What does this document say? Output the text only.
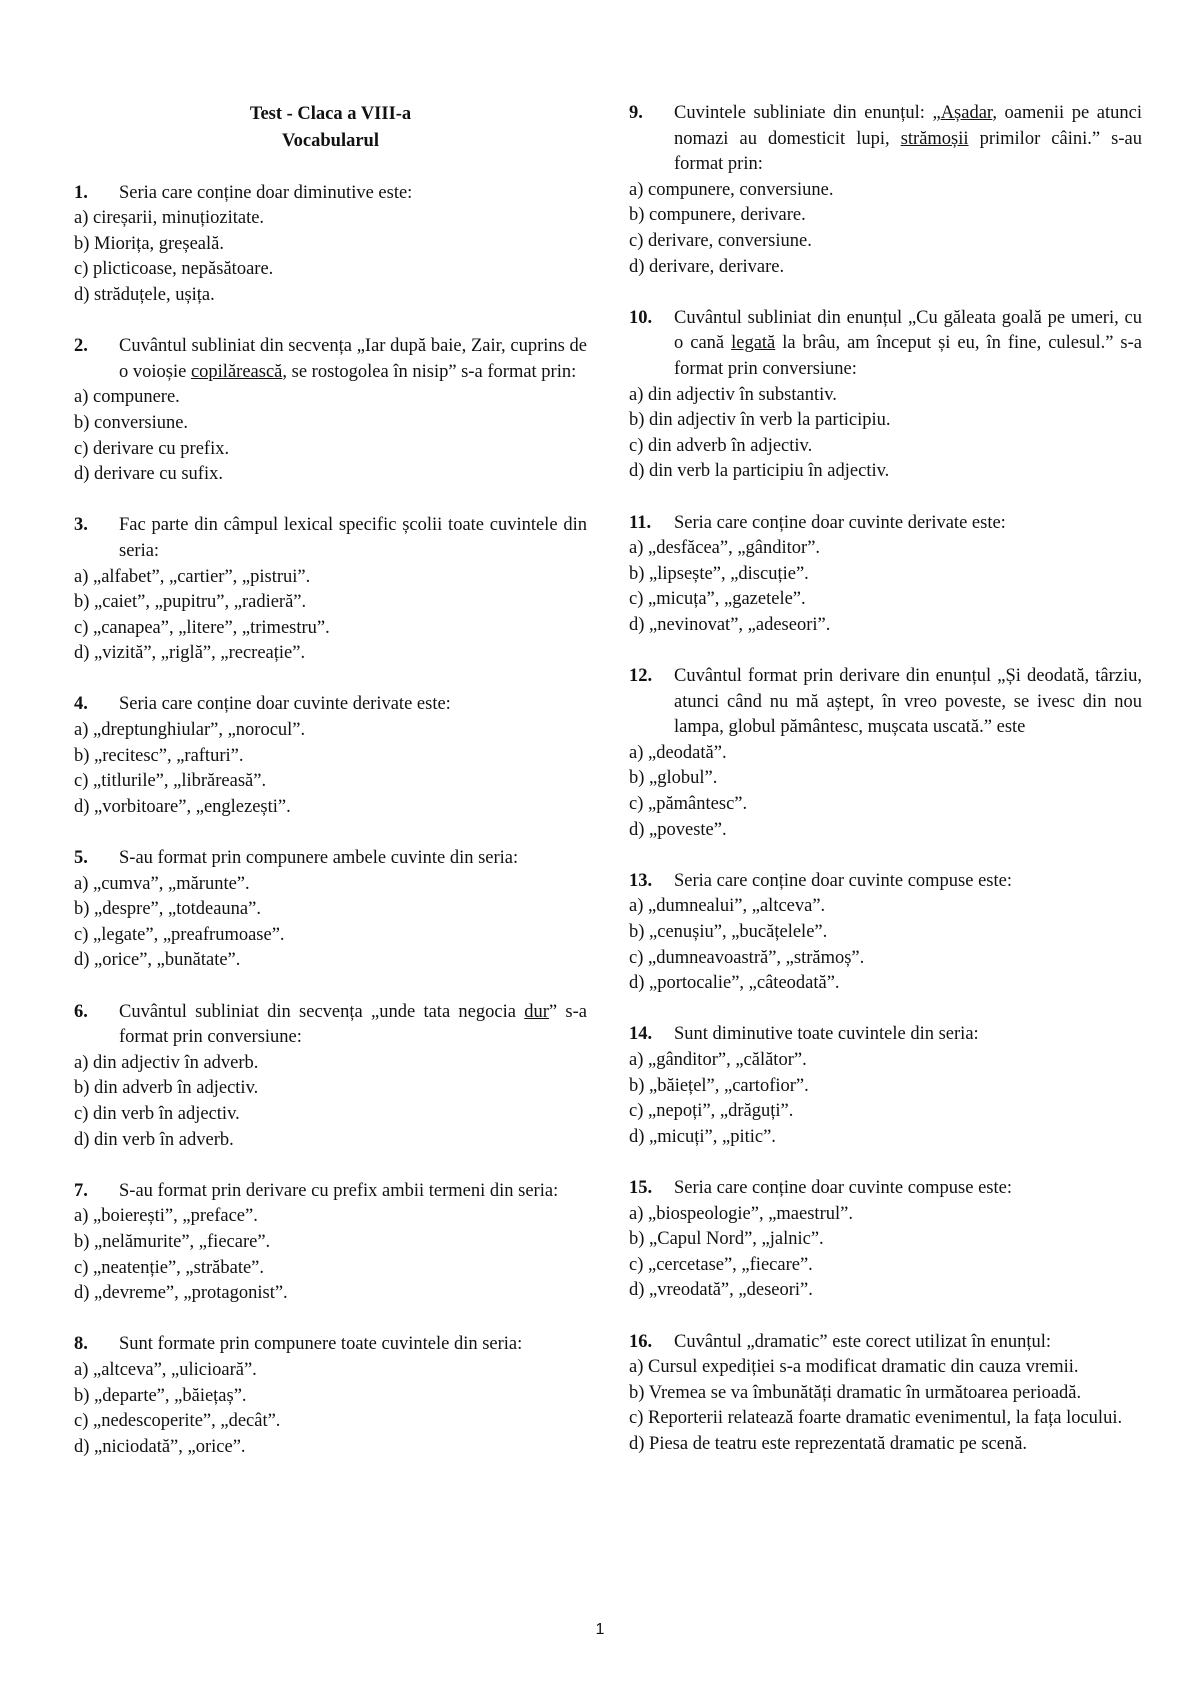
Test - Claca a VIII-a
Vocabularul
1.	Seria care conține doar diminutive este:
a) cireșarii, minuțiozitate.
b) Miorița, greșeală.
c) plicticoase, nepăsătoare.
d) străduțele, ușița.
2.	Cuvântul subliniat din secvența „Iar după baie, Zair, cuprins de o voioșie copilărească, se rostogolea în nisip” s-a format prin:
a) compunere.
b) conversiune.
c) derivare cu prefix.
d) derivare cu sufix.
3.	Fac parte din câmpul lexical specific școlii toate cuvintele din seria:
a) „alfabet”, „cartier”, „pistrui”.
b) „caiet”, „pupitru”, „radieră”.
c) „canapea”, „litere”, „trimestru”.
d) „vizită”, „riglă”, „recreație”.
4.	Seria care conține doar cuvinte derivate este:
a) „dreptunghiular”, „norocul”.
b) „recitesc”, „rafturi”.
c) „titlurile”, „librăreasă”.
d) „vorbitoare”, „englezești”.
5.	S-au format prin compunere ambele cuvinte din seria:
a) „cumva”, „mărunte”.
b) „despre”, „totdeauna”.
c) „legate”, „preafrumoase”.
d) „orice”, „bunătate”.
6.	Cuvântul subliniat din secvența „unde tata negocia dur” s-a format prin conversiune:
a) din adjectiv în adverb.
b) din adverb în adjectiv.
c) din verb în adjectiv.
d) din verb în adverb.
7.	S-au format prin derivare cu prefix ambii termeni din seria:
a) „boierești”, „preface”.
b) „nelămurite”, „fiecare”.
c) „neatenție”, „străbate”.
d) „devreme”, „protagonist”.
8.	Sunt formate prin compunere toate cuvintele din seria:
a) „altceva”, „ulicioară”.
b) „departe”, „băiețaș”.
c) „nedescoperite”, „decât”.
d) „niciodată”, „orice”.
9.	Cuvintele subliniate din enunțul: „Așadar, oamenii pe atunci nomazi au domesticit lupi, strămoșii primilor câini.” s-au format prin:
a) compunere, conversiune.
b) compunere, derivare.
c) derivare, conversiune.
d) derivare, derivare.
10.	Cuvântul subliniat din enunțul „Cu găleata goală pe umeri, cu o cană legată la brâu, am început și eu, în fine, culesul.” s-a format prin conversiune:
a) din adjectiv în substantiv.
b) din adjectiv în verb la participiu.
c) din adverb în adjectiv.
d) din verb la participiu în adjectiv.
11.	Seria care conține doar cuvinte derivate este:
a) „desfăcea”, „gânditor”.
b) „lipsește”, „discuție”.
c) „micuța”, „gazetele”.
d) „nevinovat”, „adeseori”.
12.	Cuvântul format prin derivare din enunțul „Și deodată, târziu, atunci când nu mă aștept, în vreo poveste, se ivesc din nou lampa, globul pământesc, mușcata uscată.” este
a) „deodată”.
b) „globul”.
c) „pământesc”.
d) „poveste”.
13.	Seria care conține doar cuvinte compuse este:
a) „dumnealui”, „altceva”.
b) „cenușiu”, „bucățelele”.
c) „dumneavoastră”, „strămoș”.
d) „portocalie”, „câteodată”.
14.	Sunt diminutive toate cuvintele din seria:
a) „gânditor”, „călător”.
b) „băiețel”, „cartofior”.
c) „nepoți”, „drăguți”.
d) „micuți”, „pitic”.
15.	Seria care conține doar cuvinte compuse este:
a) „biospeologie”, „maestrul”.
b) „Capul Nord”, „jalnic”.
c) „cercetase”, „fiecare”.
d) „vreodată”, „deseori”.
16.	Cuvântul „dramatic” este corect utilizat în enunțul:
a) Cursul expediției s-a modificat dramatic din cauza vremii.
b) Vremea se va îmbunătăți dramatic în următoarea perioadă.
c) Reporterii relatează foarte dramatic evenimentul, la fața locului.
d) Piesa de teatru este reprezentată dramatic pe scenă.
1
